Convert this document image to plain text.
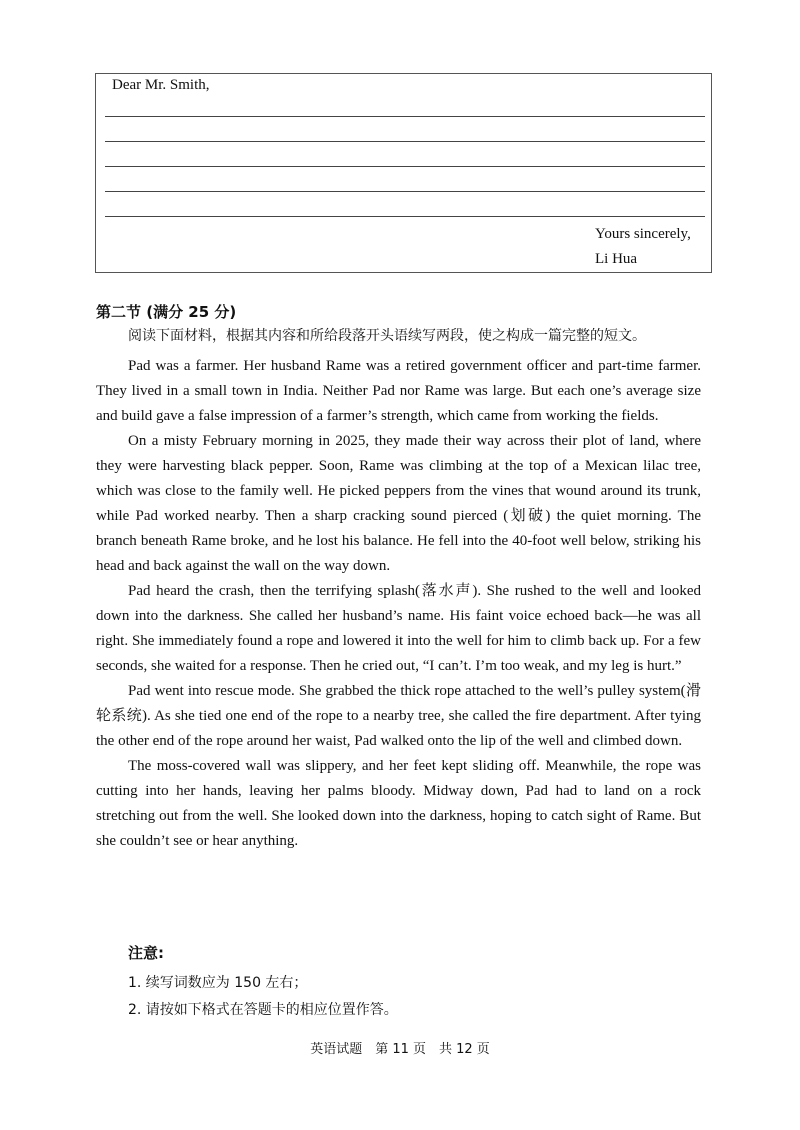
Dear Mr. Smith,
Yours sincerely,
Li Hua
第二节 (满分 25 分)
阅读下面材料，根据其内容和所给段落开头语续写两段，使之构成一篇完整的短文。

Pad was a farmer. Her husband Rame was a retired government officer and part-time farmer. They lived in a small town in India. Neither Pad nor Rame was large. But each one’s average size and build gave a false impression of a farmer’s strength, which came from working the fields.

On a misty February morning in 2025, they made their way across their plot of land, where they were harvesting black pepper. Soon, Rame was climbing at the top of a Mexican lilac tree, which was close to the family well. He picked peppers from the vines that wound around its trunk, while Pad worked nearby. Then a sharp cracking sound pierced (划破) the quiet morning. The branch beneath Rame broke, and he lost his balance. He fell into the 40-foot well below, striking his head and back against the wall on the way down.

Pad heard the crash, then the terrifying splash(落水声). She rushed to the well and looked down into the darkness. She called her husband’s name. His faint voice echoed back—he was all right. She immediately found a rope and lowered it into the well for him to climb back up. For a few seconds, she waited for a response. Then he cried out, “I can’t. I’m too weak, and my leg is hurt.”

Pad went into rescue mode. She grabbed the thick rope attached to the well’s pulley system(滑轮系统). As she tied one end of the rope to a nearby tree, she called the fire department. After tying the other end of the rope around her waist, Pad walked onto the lip of the well and climbed down.

The moss-covered wall was slippery, and her feet kept sliding off. Meanwhile, the rope was cutting into her hands, leaving her palms bloody. Midway down, Pad had to land on a rock stretching out from the well. She looked down into the darkness, hoping to catch sight of Rame. But she couldn’t see or hear anything.

注意:
1. 续写词数应为 150 左右；
2. 请按如下格式在答题卡的相应位置作答。
英语试题　第 11 页　共 12 页
